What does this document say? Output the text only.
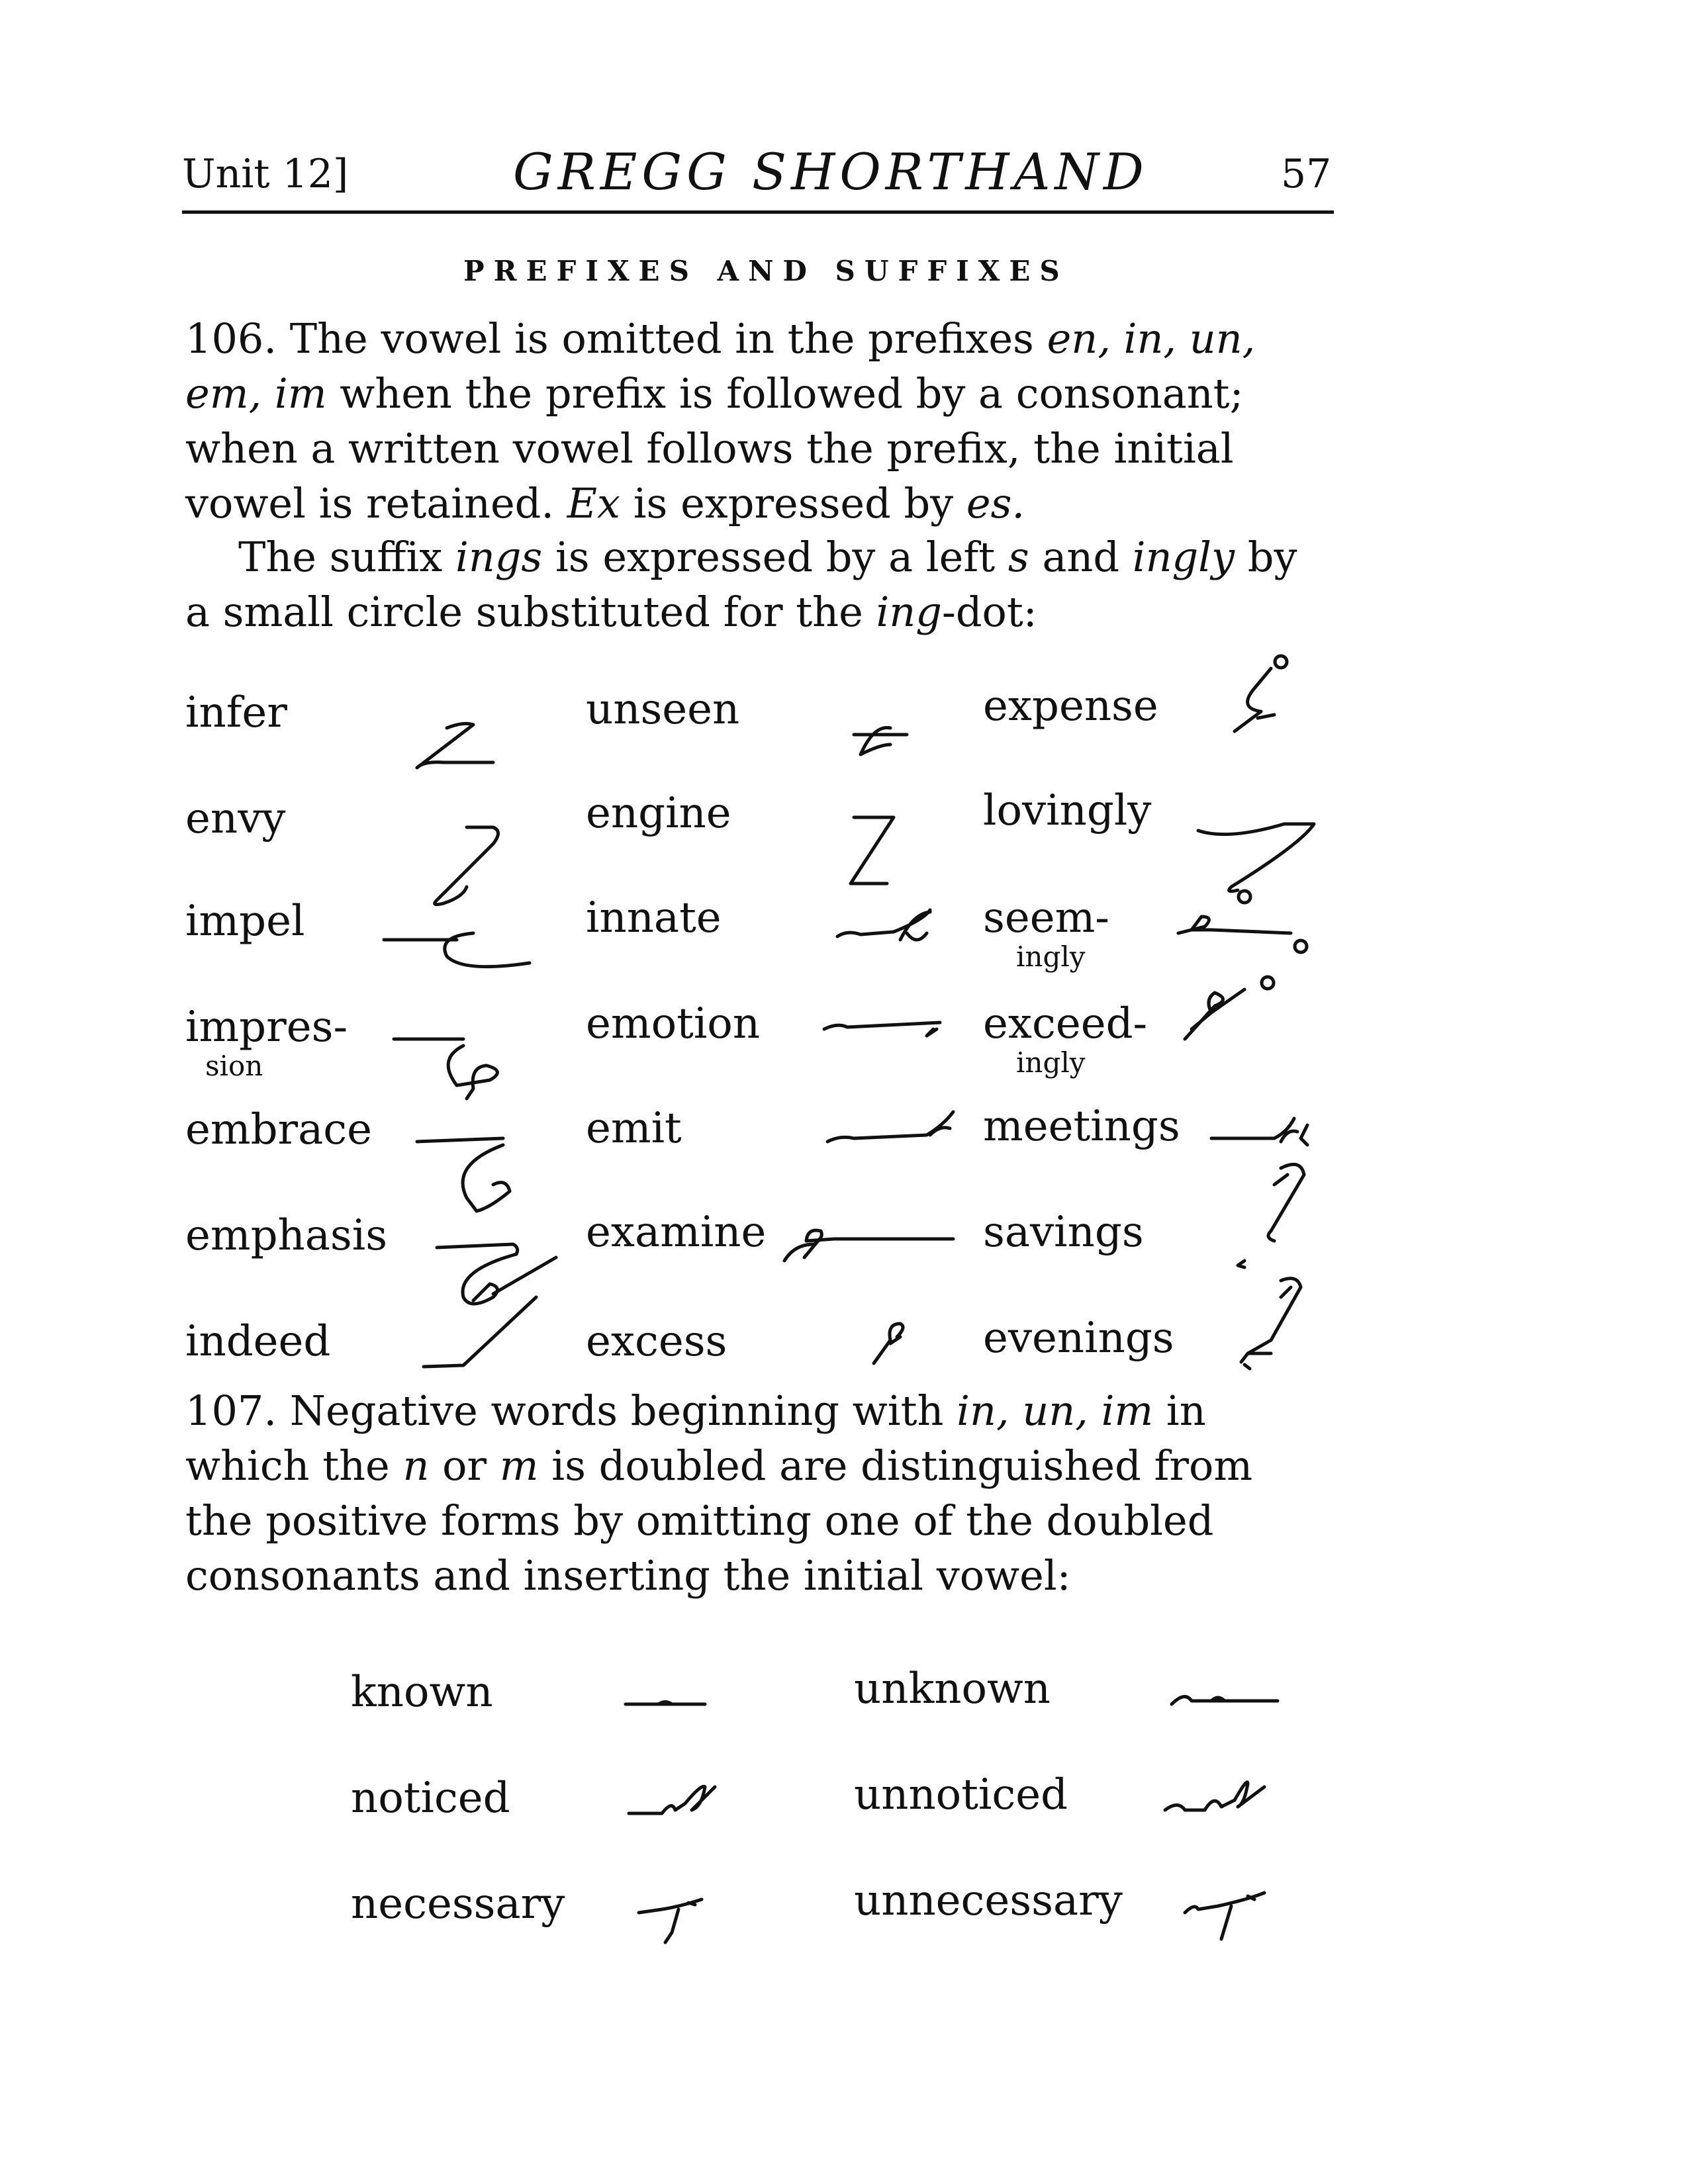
Unit 12]	GREGG SHORTHAND	57
PREFIXES AND SUFFIXES
106. The vowel is omitted in the prefixes en, in, un, em, im when the prefix is followed by a consonant; when a written vowel follows the prefix, the initial vowel is retained. Ex is expressed by es.
The suffix ings is expressed by a left s and ingly by a small circle substituted for the ing-dot:
infer
envy
impel
impres-
sion
embrace
emphasis
indeed
unseen
engine
innate
emotion
emit
examine
excess
expense
lovingly
seem-
ingly
exceed-
ingly
meetings
savings
evenings
107. Negative words beginning with in, un, im in which the n or m is doubled are distinguished from the positive forms by omitting one of the doubled consonants and inserting the initial vowel:
known
noticed
necessary
unknown
unnoticed
unnecessary
